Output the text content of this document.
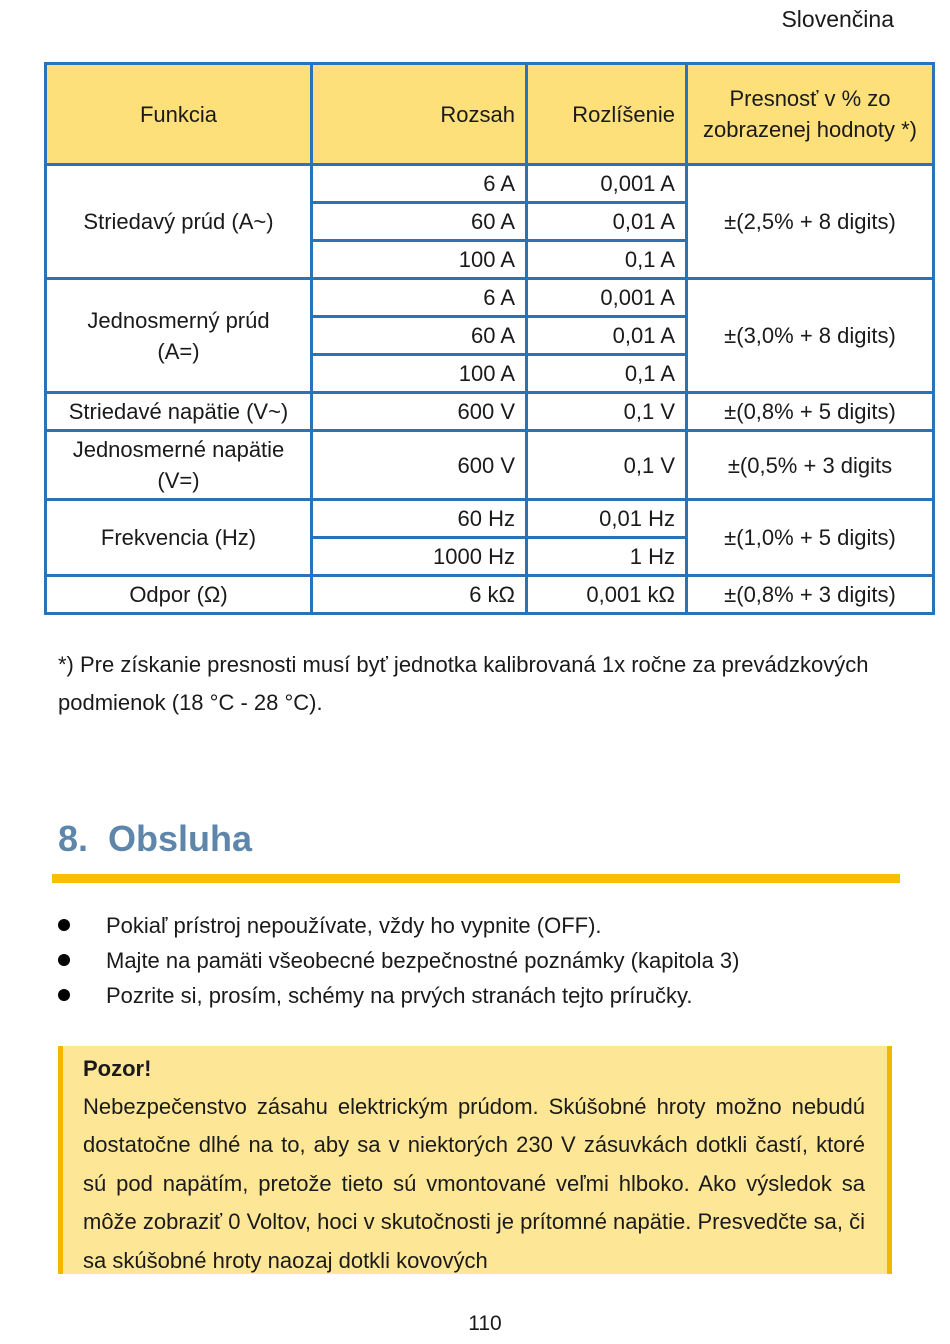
Slovenčina
Funkcia	Rozsah	Rozlíšenie	Presnosť v % zo zobrazenej hodnoty *)
Striedavý prúd (A~)	6 A	0,001 A	±(2,5% + 8 digits)
	60 A	0,01 A	
	100 A	0,1 A	
Jednosmerný prúd (A=)	6 A	0,001 A	±(3,0% + 8 digits)
	60 A	0,01 A	
	100 A	0,1 A	
Striedavé napätie (V~)	600 V	0,1 V	±(0,8% + 5 digits)
Jednosmerné napätie (V=)	600 V	0,1 V	±(0,5% + 3 digits
Frekvencia (Hz)	60 Hz	0,01 Hz	±(1,0% + 5 digits)
	1000 Hz	1 Hz	
Odpor (Ω)	6 kΩ	0,001 kΩ	±(0,8% + 3 digits)
*) Pre získanie presnosti musí byť jednotka kalibrovaná 1x ročne za prevádzkových podmienok (18 °C - 28 °C).
8.  Obsluha
Pokiaľ prístroj nepoužívate, vždy ho vypnite (OFF).
Majte na pamäti všeobecné bezpečnostné poznámky (kapitola 3)
Pozrite si, prosím, schémy na prvých stranách tejto príručky.
Pozor!
Nebezpečenstvo zásahu elektrickým prúdom. Skúšobné hroty možno nebudú dostatočne dlhé na to, aby sa v niektorých 230 V zásuvkách dotkli častí, ktoré sú pod napätím, pretože tieto sú vmontované veľmi hlboko. Ako výsledok sa môže zobraziť 0 Voltov, hoci v skutočnosti je prítomné napätie. Presvedčte sa, či sa skúšobné hroty naozaj dotkli kovových
110
